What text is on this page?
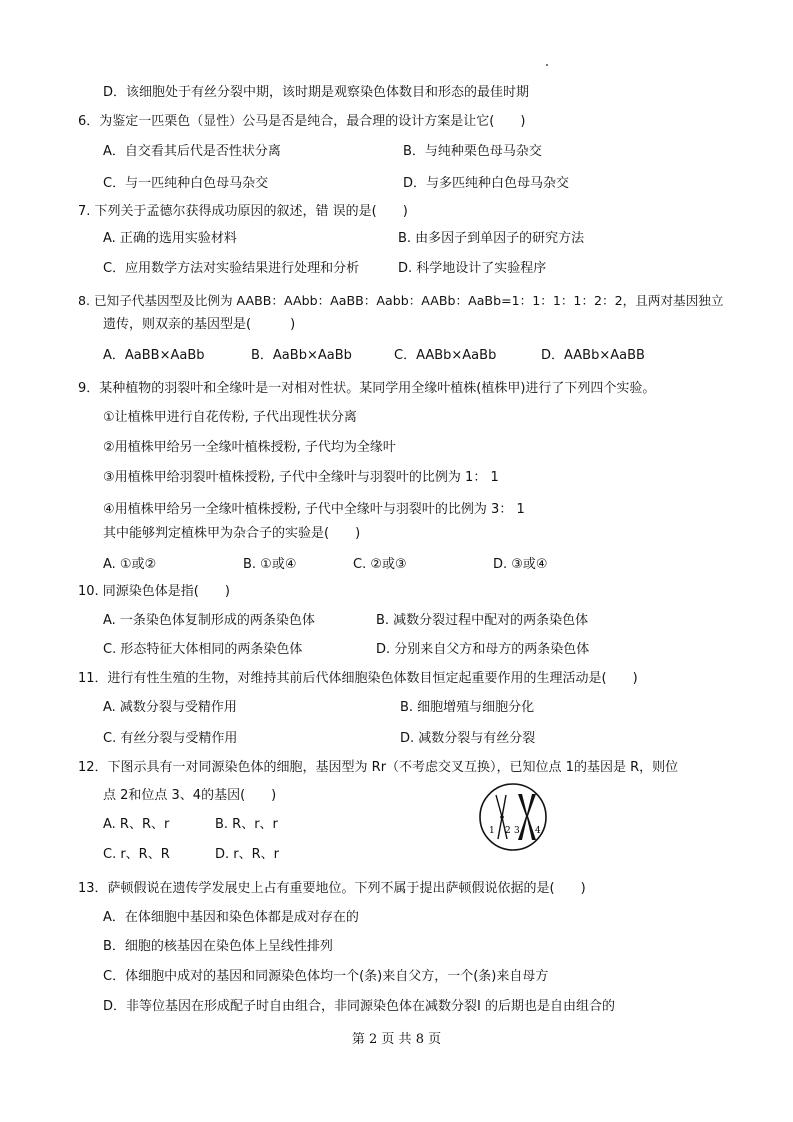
D．该细胞处于有丝分裂中期，该时期是观察染色体数目和形态的最佳时期
6．为鉴定一匹栗色（显性）公马是否是纯合，最合理的设计方案是让它(　　)
A．自交看其后代是否性状分离	B．与纯种栗色母马杂交
C．与一匹纯种白色母马杂交	D．与多匹纯种白色母马杂交
7. 下列关于孟德尔获得成功原因的叙述，错 误的是(　　)
A. 正确的选用实验材料	B. 由多因子到单因子的研究方法
C．应用数学方法对实验结果进行处理和分析	D. 科学地设计了实验程序
8. 已知子代基因型及比例为 AABB：AAbb：AaBB：Aabb：AABb：AaBb=1：1：1：1：2：2，且两对基因独立
遗传，则双亲的基因型是(　　　)
A．AaBB×AaBb	B．AaBb×AaBb	C．AABb×AaBb	D．AABb×AaBB
9．某种植物的羽裂叶和全缘叶是一对相对性状。某同学用全缘叶植株(植株甲)进行了下列四个实验。
①让植株甲进行自花传粉, 子代出现性状分离
②用植株甲给另一全缘叶植株授粉, 子代均为全缘叶
③用植株甲给羽裂叶植株授粉, 子代中全缘叶与羽裂叶的比例为 1： 1
④用植株甲给另一全缘叶植株授粉, 子代中全缘叶与羽裂叶的比例为 3： 1
其中能够判定植株甲为杂合子的实验是(　　)
A. ①或②	B. ①或④	C. ②或③	D. ③或④
10. 同源染色体是指(　　)
A. 一条染色体复制形成的两条染色体	B. 减数分裂过程中配对的两条染色体
C. 形态特征大体相同的两条染色体	D. 分别来自父方和母方的两条染色体
11．进行有性生殖的生物，对维持其前后代体细胞染色体数目恒定起重要作用的生理活动是(　　)
A. 减数分裂与受精作用	B. 细胞增殖与细胞分化
C. 有丝分裂与受精作用	D. 减数分裂与有丝分裂
12．下图示具有一对同源染色体的细胞，基因型为 Rr（不考虑交叉互换），已知位点 1的基因是 R，则位
点 2和位点 3、4的基因(　　)
A. R、R、r	B. R、r、r
C. r、R、R	D. r、R、r
1 2 3 4
13．萨顿假说在遗传学发展史上占有重要地位。下列不属于提出萨顿假说依据的是(　　)
A．在体细胞中基因和染色体都是成对存在的
B．细胞的核基因在染色体上呈线性排列
C．体细胞中成对的基因和同源染色体均一个(条)来自父方，一个(条)来自母方
D．非等位基因在形成配子时自由组合，非同源染色体在减数分裂Ⅰ 的后期也是自由组合的
第 2 页 共 8 页
